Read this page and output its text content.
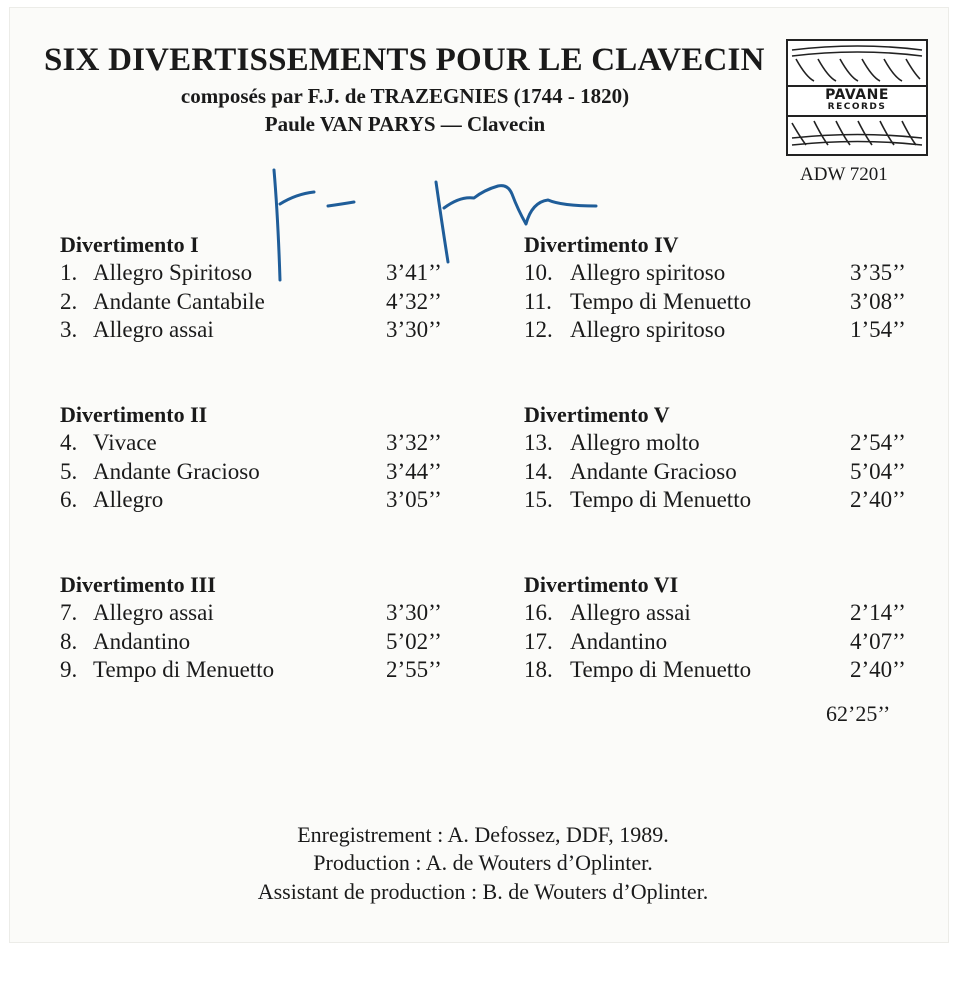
SIX DIVERTISSEMENTS POUR LE CLAVECIN
composés par F.J. de TRAZEGNIES (1744 - 1820)
Paule VAN PARYS — Clavecin
PAVANE
RECORDS
ADW 7201
Divertimento I
1. Allegro Spiritoso	3’41’’
2. Andante Cantabile	4’32’’
3. Allegro assai	3’30’’
Divertimento II
4. Vivace	3’32’’
5. Andante Gracioso	3’44’’
6. Allegro	3’05’’
Divertimento III
7. Allegro assai	3’30’’
8. Andantino	5’02’’
9. Tempo di Menuetto	2’55’’
Divertimento IV
10. Allegro spiritoso	3’35’’
11. Tempo di Menuetto	3’08’’
12. Allegro spiritoso	1’54’’
Divertimento V
13. Allegro molto	2’54’’
14. Andante Gracioso	5’04’’
15. Tempo di Menuetto	2’40’’
Divertimento VI
16. Allegro assai	2’14’’
17. Andantino	4’07’’
18. Tempo di Menuetto	2’40’’
62’25’’
Enregistrement : A. Defossez, DDF, 1989.
Production : A. de Wouters d’Oplinter.
Assistant de production : B. de Wouters d’Oplinter.
